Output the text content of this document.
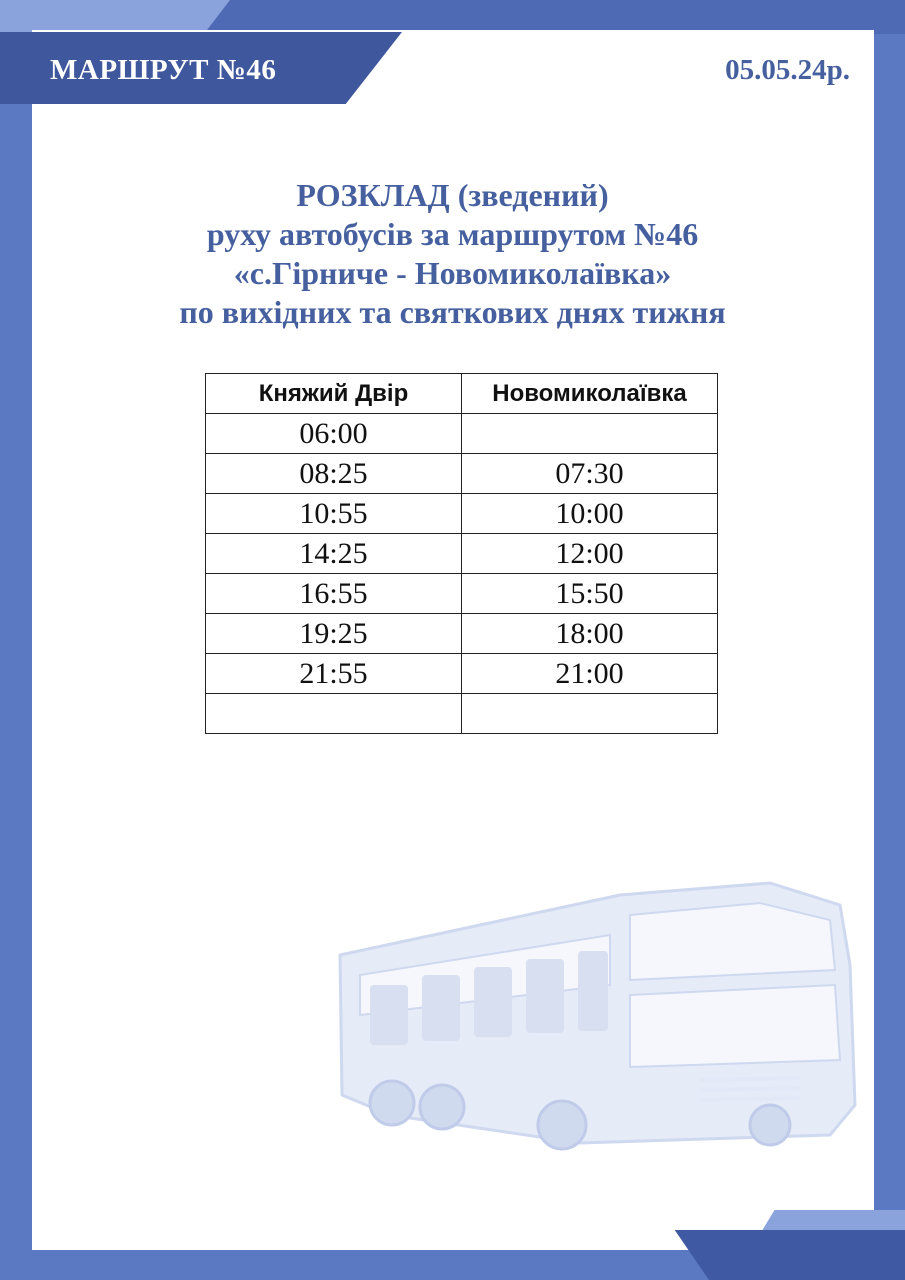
МАРШРУТ №46	05.05.24р.
РОЗКЛАД (зведений)
руху автобусів за маршрутом №46
«с.Гірниче - Новомиколаївка»
по вихідних та святкових днях тижня
Княжий Двір	Новомиколаївка
06:00	
08:25	07:30
10:55	10:00
14:25	12:00
16:55	15:50
19:25	18:00
21:55	21:00
